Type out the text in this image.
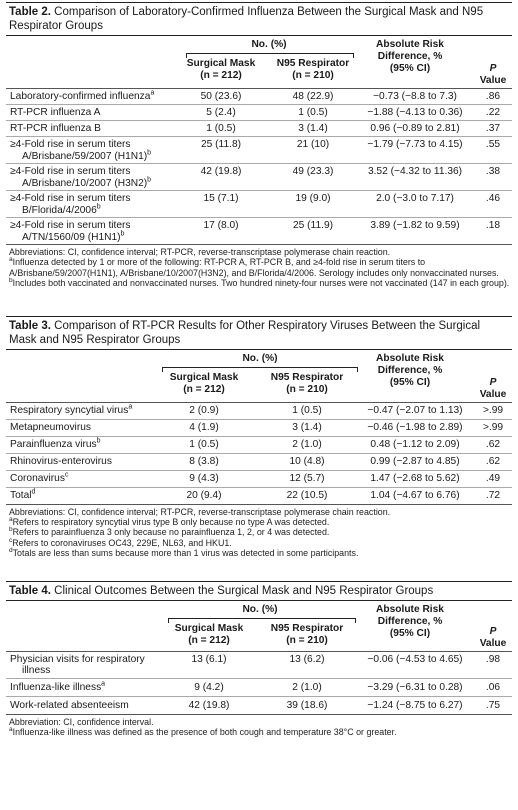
Table 2. Comparison of Laboratory-Confirmed Influenza Between the Surgical Mask and N95 Respirator Groups
No. (%)
Surgical Mask
(n = 212)
N95 Respirator
(n = 210)
Absolute Risk
Difference, %
(95% CI)	P
Value
Laboratory-confirmed influenza$^a$	50 (23.6)	48 (22.9)	−0.73 (−8.8 to 7.3)	.86
RT-PCR influenza A	5 (2.4)	1 (0.5)	−1.88 (−4.13 to 0.36)	.22
RT-PCR influenza B	1 (0.5)	3 (1.4)	0.96 (−0.89 to 2.81)	.37
≥4-Fold rise in serum titers
A/Brisbane/59/2007 $(H1N1)^b$
25 (11.8)	21 (10)	−1.79 (−7.73 to 4.15)	.55
≥4-Fold rise in serum titers
A/Brisbane/10/2007 $(H3N2)^b$
42 (19.8)	49 (23.3)	3.52 (−4.32 to 11.36)	.38
≥4-Fold rise in serum titers
B/Florida/4/2006$^b$
15 (7.1)	19 (9.0)	2.0 (−3.0 to 7.17)	.46
≥4-Fold rise in serum titers
A/TN/1560/09 $(H1N1)^b$
17 (8.0)	25 (11.9)	3.89 (−1.82 to 9.59)	.18
Abbreviations: CI, confidence interval; RT-PCR, reverse-transcriptase polymerase chain reaction.
$^a$Influenza detected by 1 or more of the following: RT-PCR A, RT-PCR B, and ≥4-fold rise in serum titers to A/Brisbane/59/2007(H1N1), A/Brisbane/10/2007(H3N2), and B/Florida/4/2006. Serology includes only nonvaccinated nurses.
$^b$Includes both vaccinated and nonvaccinated nurses. Two hundred ninety-four nurses were not vaccinated (147 in each group).
Table 3. Comparison of RT-PCR Results for Other Respiratory Viruses Between the Surgical Mask and N95 Respirator Groups
No. (%)
Surgical Mask
(n = 212)
N95 Respirator
(n = 210)
Absolute Risk
Difference, %
(95% CI)	P
Value
Respiratory syncytial virus$^a$	2 (0.9)	1 (0.5)	−0.47 (−2.07 to 1.13)	>.99
Metapneumovirus	4 (1.9)	3 (1.4)	−0.46 (−1.98 to 2.89)	>.99
Parainfluenza virus$^b$	1 (0.5)	2 (1.0)	0.48 (−1.12 to 2.09)	.62
Rhinovirus-enterovirus	8 (3.8)	10 (4.8)	0.99 (−2.87 to 4.85)	.62
Coronavirus$^c$	9 (4.3)	12 (5.7)	1.47 (−2.68 to 5.62)	.49
Total$^d$	20 (9.4)	22 (10.5)	1.04 (−4.67 to 6.76)	.72
Abbreviations: CI, confidence interval; RT-PCR, reverse-transcriptase polymerase chain reaction.
$^a$Refers to respiratory syncytial virus type B only because no type A was detected.
$^b$Refers to parainfluenza 3 only because no parainfluenza 1, 2, or 4 was detected.
$^c$Refers to coronaviruses OC43, 229E, NL63, and HKU1.
$^d$Totals are less than sums because more than 1 virus was detected in some participants.
Table 4. Clinical Outcomes Between the Surgical Mask and N95 Respirator Groups
No. (%)
Surgical Mask
(n = 212)
N95 Respirator
(n = 210)
Absolute Risk
Difference, %
(95% CI)	P
Value
Physician visits for respiratory
illness
13 (6.1)	13 (6.2)	−0.06 (−4.53 to 4.65)	.98
Influenza-like illness$^a$	9 (4.2)	2 (1.0)	−3.29 (−6.31 to 0.28)	.06
Work-related absenteeism	42 (19.8)	39 (18.6)	−1.24 (−8.75 to 6.27)	.75
Abbreviation: CI, confidence interval.
$^a$Influenza-like illness was defined as the presence of both cough and temperature 38°C or greater.
